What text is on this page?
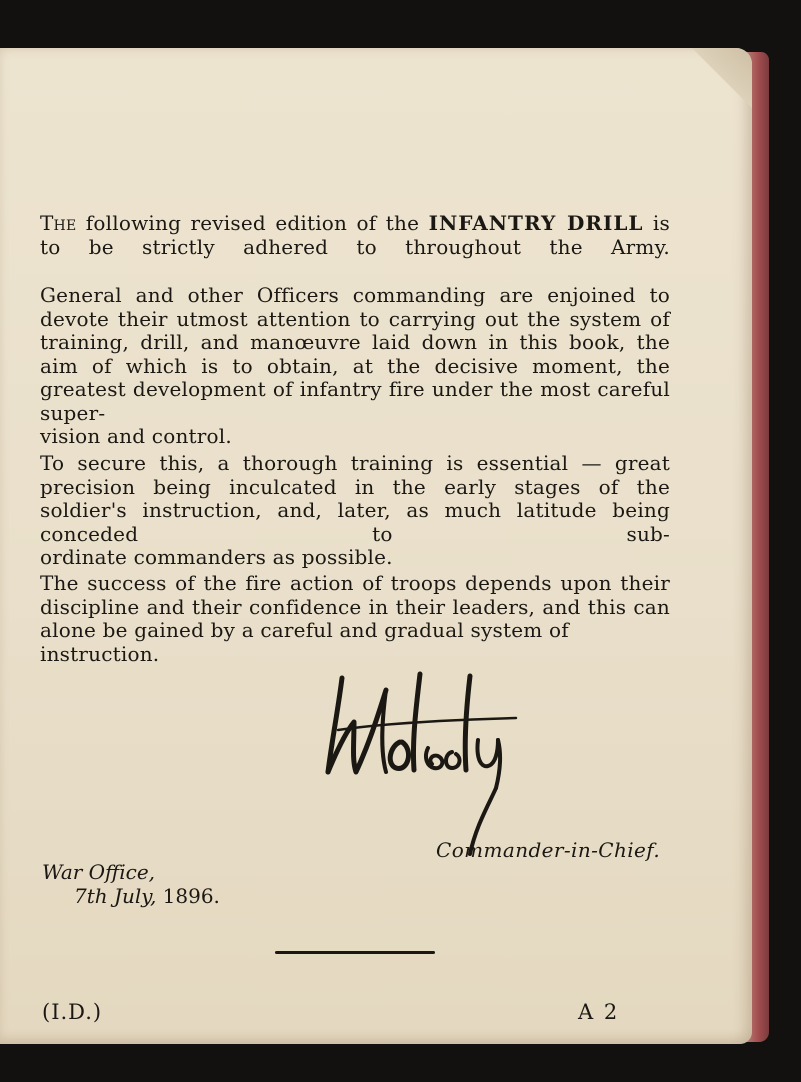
The following revised edition of the INFANTRY DRILL is to be strictly adhered to throughout the Army.

General and other Officers commanding are enjoined to devote their utmost attention to carrying out the system of training, drill, and manœuvre laid down in this book, the aim of which is to obtain, at the decisive moment, the greatest development of infantry fire under the most careful super-
vision and control.

To secure this, a thorough training is essential — great precision being inculcated in the early stages of the soldier's instruction, and, later, as much latitude being conceded to sub-
ordinate commanders as possible.

The success of the fire action of troops depends upon their discipline and their confidence in their leaders, and this can
alone be gained by a careful and gradual system of instruction.

Commander-in-Chief.

War Office,

7th July, 1896.

(I.D.)	A 2
